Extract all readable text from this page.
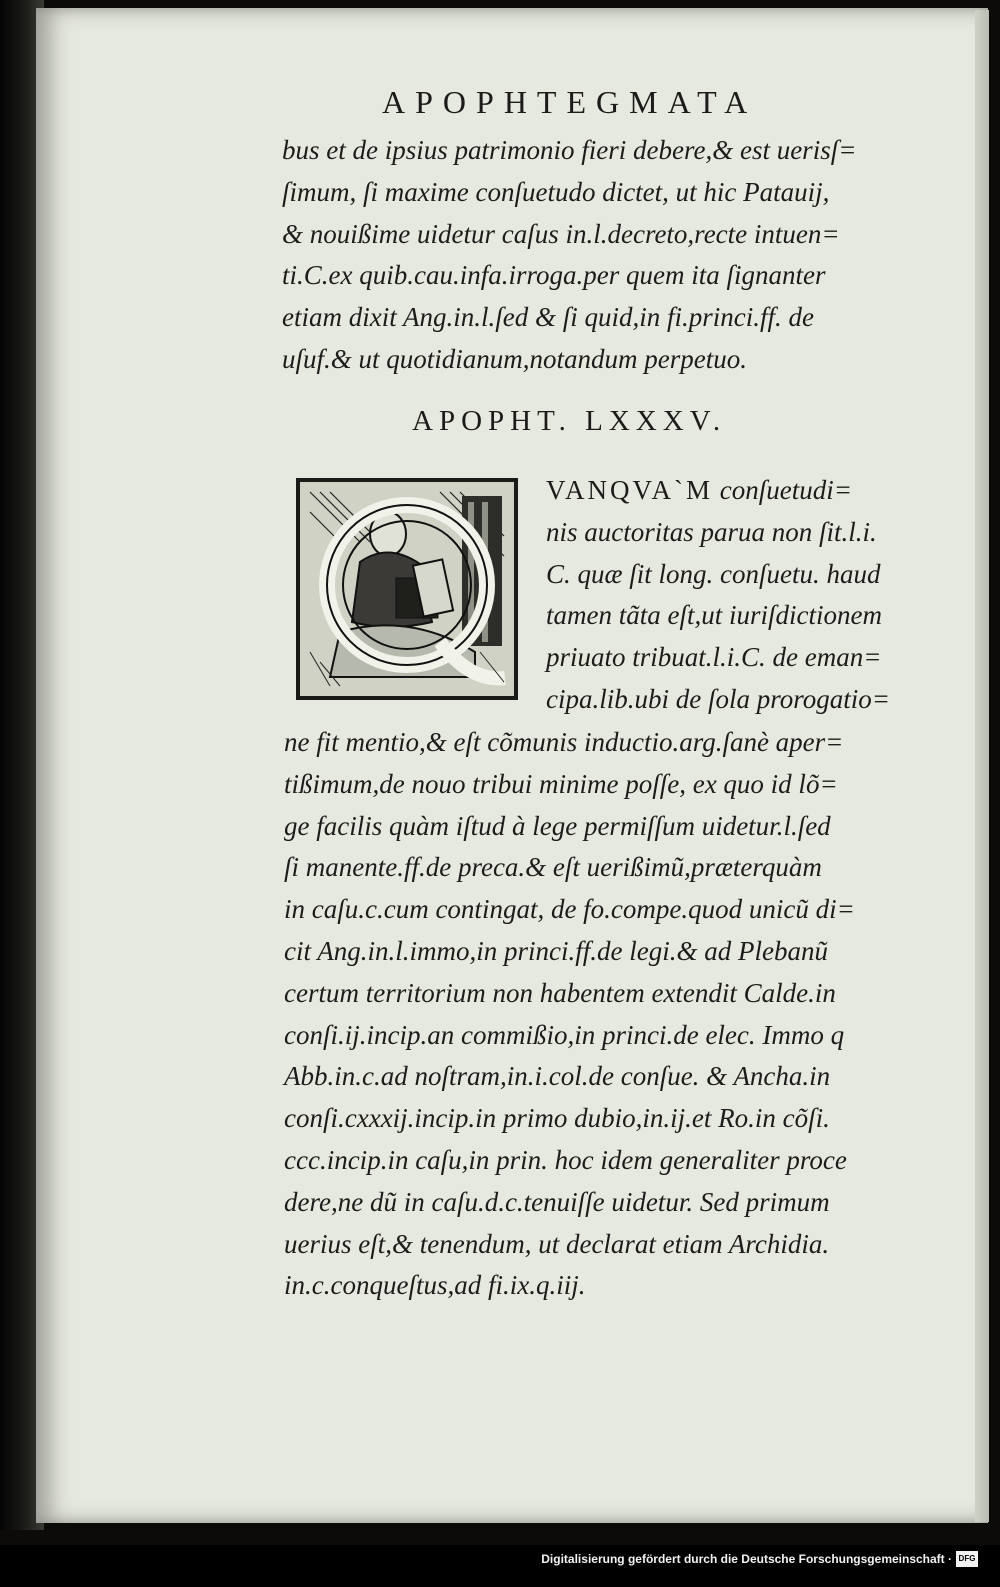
APOPHTEGMATA
bus et de ipsius patrimonio fieri debere,& est uerisſ=
ſimum, ſi maxime conſuetudo dictet, ut hic Patauij,
& nouißime uidetur caſus in.l.decreto,recte intuen=
ti.C.ex quib.cau.infa.irroga.per quem ita ſignanter
etiam dixit Ang.in.l.ſed & ſi quid,in fi.princi.ff. de
uſuf.& ut quotidianum,notandum perpetuo.
APOPHT. LXXXV.
VANQVA`M conſuetudi=
nis auctoritas parua non ſit.l.i.
C. quæ ſit long. conſuetu. haud
tamen tãta eſt,ut iuriſdictionem
priuato tribuat.l.i.C. de eman=
cipa.lib.ubi de ſola prorogatio=
ne fit mentio,& eſt cõmunis inductio.arg.ſanè aper=
tißimum,de nouo tribui minime poſſe, ex quo id lõ=
ge facilis quàm iſtud à lege permiſſum uidetur.l.ſed
ſi manente.ff.de preca.& eſt uerißimũ,præterquàm
in caſu.c.cum contingat, de fo.compe.quod unicũ di=
cit Ang.in.l.immo,in princi.ff.de legi.& ad Plebanũ
certum territorium non habentem extendit Calde.in
conſi.ij.incip.an commißio,in princi.de elec. Immo q
Abb.in.c.ad noſtram,in.i.col.de conſue. & Ancha.in
conſi.cxxxij.incip.in primo dubio,in.ij.et Ro.in cõſi.
ccc.incip.in caſu,in prin. hoc idem generaliter proce
dere,ne dũ in caſu.d.c.tenuiſſe uidetur. Sed primum
uerius eſt,& tenendum, ut declarat etiam Archidia.
in.c.conqueſtus,ad fi.ix.q.iij.
Digitalisierung gefördert durch die Deutsche Forschungsgemeinschaft · DFG
